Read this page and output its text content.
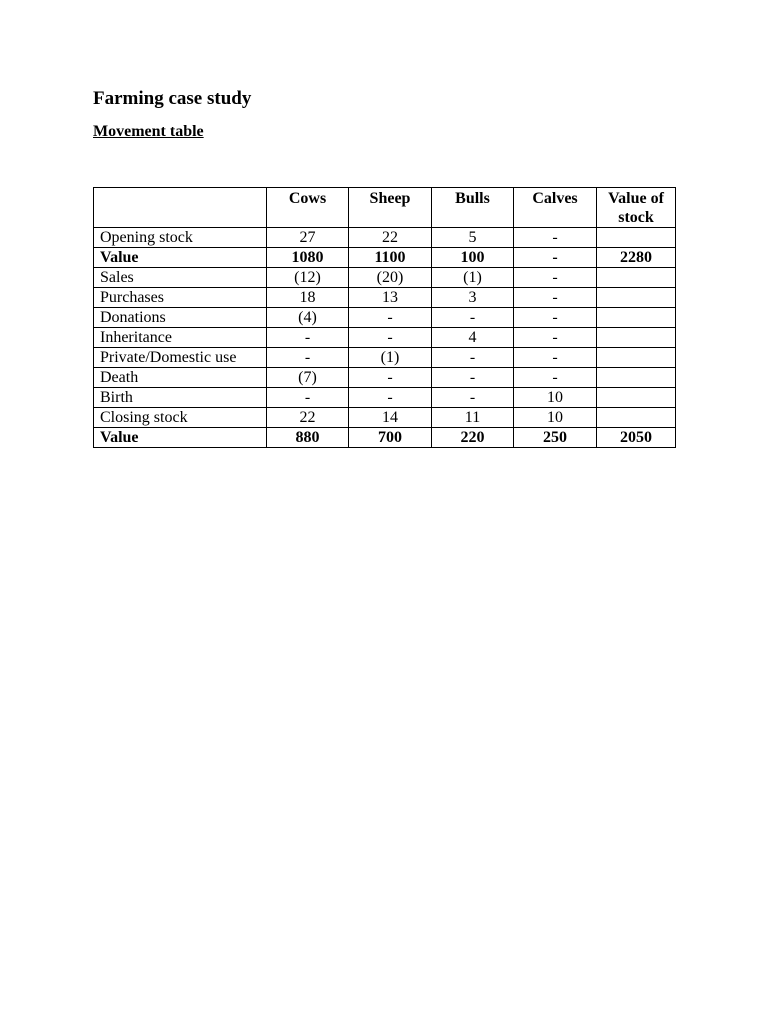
Farming case study
Movement table
	Cows	Sheep	Bulls	Calves	Value of stock
Opening stock	27	22	5	-	
Value	1080	1100	100	-	2280
Sales	(12)	(20)	(1)	-	
Purchases	18	13	3	-	
Donations	(4)	-	-	-	
Inheritance	-	-	4	-	
Private/Domestic use	-	(1)	-	-	
Death	(7)	-	-	-	
Birth	-	-	-	10	
Closing stock	22	14	11	10	
Value	880	700	220	250	2050
